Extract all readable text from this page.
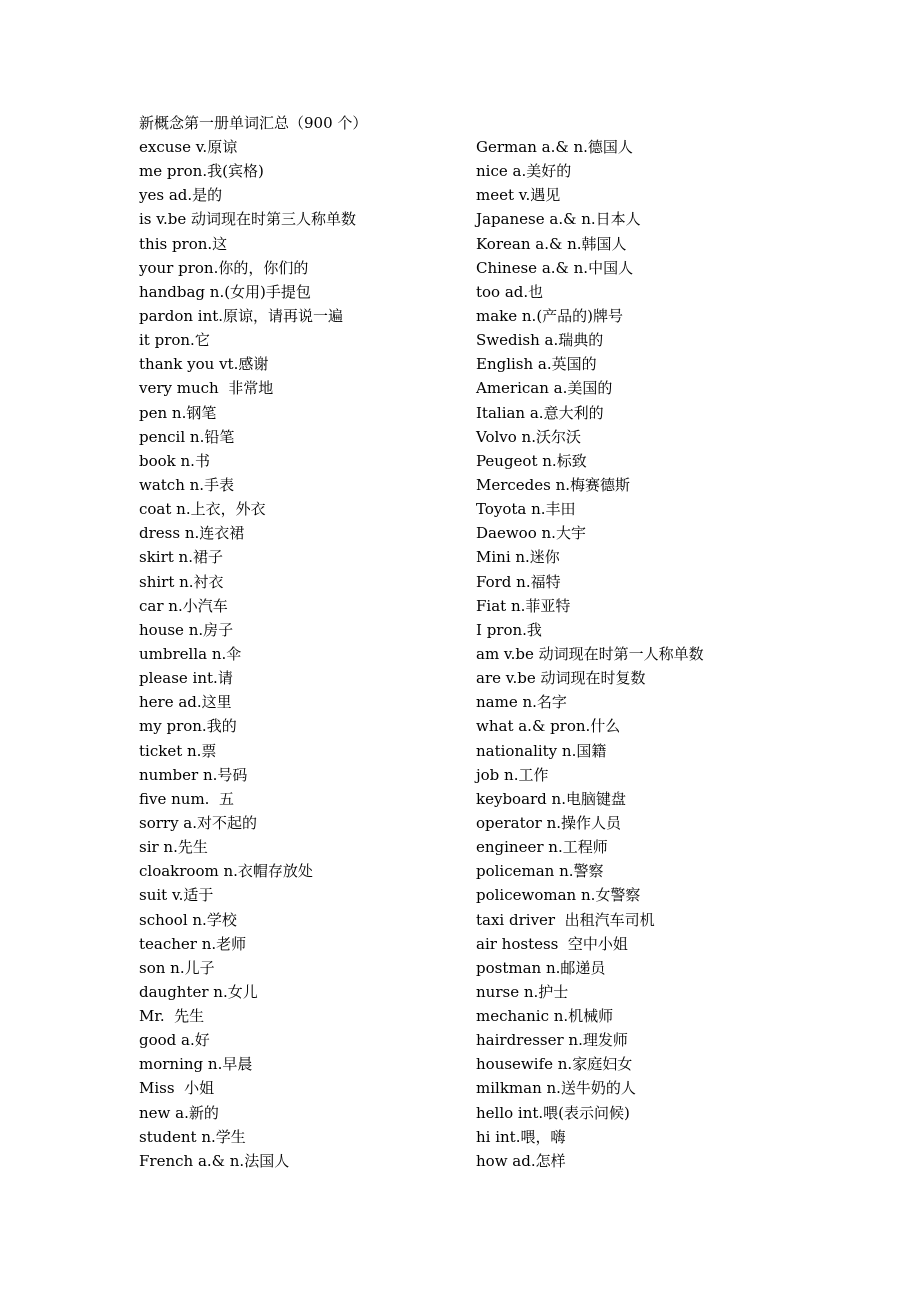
新概念第一册单词汇总（900 个）
excuse v.原谅
me pron.我(宾格)
yes ad.是的
is v.be 动词现在时第三人称单数
this pron.这
your pron.你的，你们的
handbag n.(女用)手提包
pardon int.原谅，请再说一遍
it pron.它
thank you vt.感谢
very much  非常地
pen n.钢笔
pencil n.铅笔
book n.书
watch n.手表
coat n.上衣，外衣
dress n.连衣裙
skirt n.裙子
shirt n.衬衣
car n.小汽车
house n.房子
umbrella n.伞
please int.请
here ad.这里
my pron.我的
ticket n.票
number n.号码
five num.  五
sorry a.对不起的
sir n.先生
cloakroom n.衣帽存放处
suit v.适于
school n.学校
teacher n.老师
son n.儿子
daughter n.女儿
Mr.  先生
good a.好
morning n.早晨
Miss  小姐
new a.新的
student n.学生
French a.& n.法国人
German a.& n.德国人
nice a.美好的
meet v.遇见
Japanese a.& n.日本人
Korean a.& n.韩国人
Chinese a.& n.中国人
too ad.也
make n.(产品的)牌号
Swedish a.瑞典的
English a.英国的
American a.美国的
Italian a.意大利的
Volvo n.沃尔沃
Peugeot n.标致
Mercedes n.梅赛德斯
Toyota n.丰田
Daewoo n.大宇
Mini n.迷你
Ford n.福特
Fiat n.菲亚特
I pron.我
am v.be 动词现在时第一人称单数
are v.be 动词现在时复数
name n.名字
what a.& pron.什么
nationality n.国籍
job n.工作
keyboard n.电脑键盘
operator n.操作人员
engineer n.工程师
policeman n.警察
policewoman n.女警察
taxi driver  出租汽车司机
air hostess  空中小姐
postman n.邮递员
nurse n.护士
mechanic n.机械师
hairdresser n.理发师
housewife n.家庭妇女
milkman n.送牛奶的人
hello int.喂(表示问候)
hi int.喂，嗨
how ad.怎样
